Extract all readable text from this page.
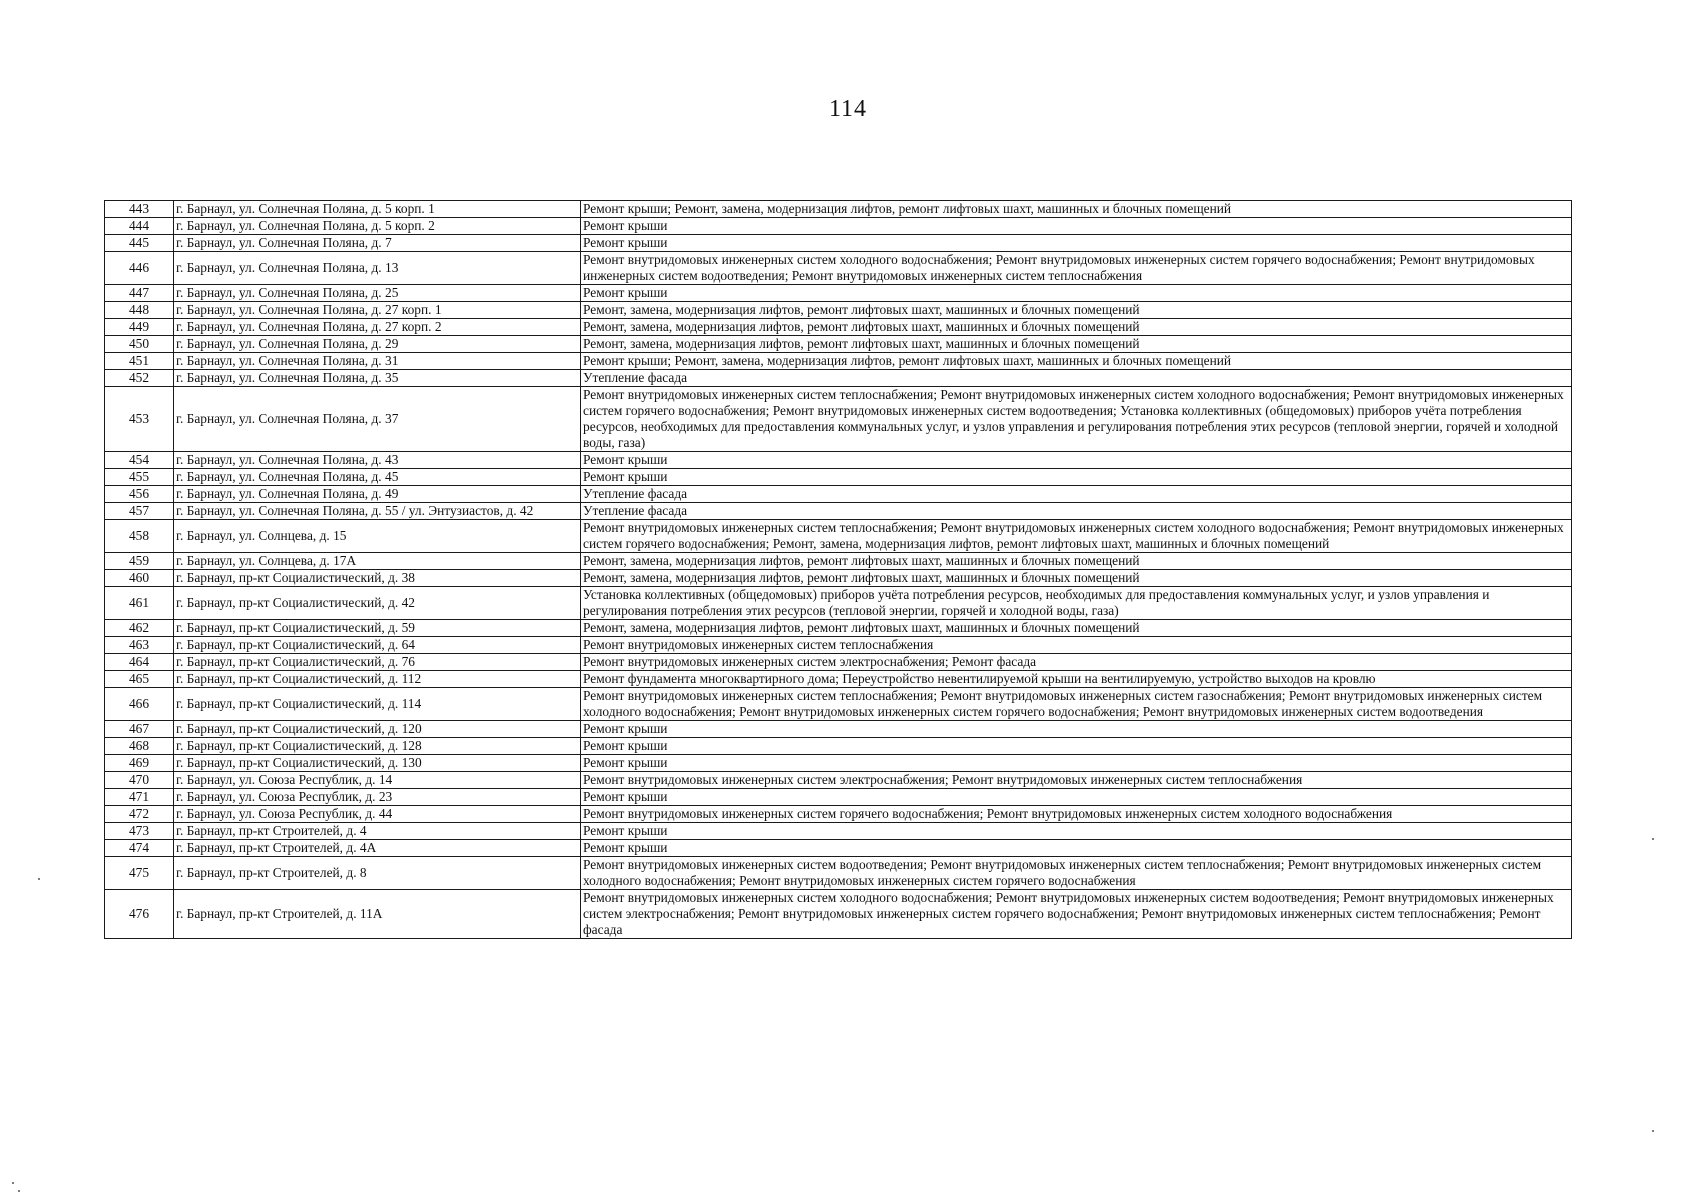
114
443	г. Барнаул, ул. Солнечная Поляна, д. 5 корп. 1	Ремонт крыши; Ремонт, замена, модернизация лифтов, ремонт лифтовых шахт, машинных и блочных помещений
444	г. Барнаул, ул. Солнечная Поляна, д. 5 корп. 2	Ремонт крыши
445	г. Барнаул, ул. Солнечная Поляна, д. 7	Ремонт крыши
446	г. Барнаул, ул. Солнечная Поляна, д. 13	Ремонт внутридомовых инженерных систем холодного водоснабжения; Ремонт внутридомовых инженерных систем горячего водоснабжения; Ремонт внутридомовых инженерных систем водоотведения; Ремонт внутридомовых инженерных систем теплоснабжения
447	г. Барнаул, ул. Солнечная Поляна, д. 25	Ремонт крыши
448	г. Барнаул, ул. Солнечная Поляна, д. 27 корп. 1	Ремонт, замена, модернизация лифтов, ремонт лифтовых шахт, машинных и блочных помещений
449	г. Барнаул, ул. Солнечная Поляна, д. 27 корп. 2	Ремонт, замена, модернизация лифтов, ремонт лифтовых шахт, машинных и блочных помещений
450	г. Барнаул, ул. Солнечная Поляна, д. 29	Ремонт, замена, модернизация лифтов, ремонт лифтовых шахт, машинных и блочных помещений
451	г. Барнаул, ул. Солнечная Поляна, д. 31	Ремонт крыши; Ремонт, замена, модернизация лифтов, ремонт лифтовых шахт, машинных и блочных помещений
452	г. Барнаул, ул. Солнечная Поляна, д. 35	Утепление фасада
453	г. Барнаул, ул. Солнечная Поляна, д. 37	Ремонт внутридомовых инженерных систем теплоснабжения; Ремонт внутридомовых инженерных систем холодного водоснабжения; Ремонт внутридомовых инженерных систем горячего водоснабжения; Ремонт внутридомовых инженерных систем водоотведения; Установка коллективных (общедомовых) приборов учёта потребления ресурсов, необходимых для предоставления коммунальных услуг, и узлов управления и регулирования потребления этих ресурсов (тепловой энергии, горячей и холодной воды, газа)
454	г. Барнаул, ул. Солнечная Поляна, д. 43	Ремонт крыши
455	г. Барнаул, ул. Солнечная Поляна, д. 45	Ремонт крыши
456	г. Барнаул, ул. Солнечная Поляна, д. 49	Утепление фасада
457	г. Барнаул, ул. Солнечная Поляна, д. 55 / ул. Энтузиастов, д. 42	Утепление фасада
458	г. Барнаул, ул. Солнцева, д. 15	Ремонт внутридомовых инженерных систем теплоснабжения; Ремонт внутридомовых инженерных систем холодного водоснабжения; Ремонт внутридомовых инженерных систем горячего водоснабжения; Ремонт, замена, модернизация лифтов, ремонт лифтовых шахт, машинных и блочных помещений
459	г. Барнаул, ул. Солнцева, д. 17А	Ремонт, замена, модернизация лифтов, ремонт лифтовых шахт, машинных и блочных помещений
460	г. Барнаул, пр-кт Социалистический, д. 38	Ремонт, замена, модернизация лифтов, ремонт лифтовых шахт, машинных и блочных помещений
461	г. Барнаул, пр-кт Социалистический, д. 42	Установка коллективных (общедомовых) приборов учёта потребления ресурсов, необходимых для предоставления коммунальных услуг, и узлов управления и регулирования потребления этих ресурсов (тепловой энергии, горячей и холодной воды, газа)
462	г. Барнаул, пр-кт Социалистический, д. 59	Ремонт, замена, модернизация лифтов, ремонт лифтовых шахт, машинных и блочных помещений
463	г. Барнаул, пр-кт Социалистический, д. 64	Ремонт внутридомовых инженерных систем теплоснабжения
464	г. Барнаул, пр-кт Социалистический, д. 76	Ремонт внутридомовых инженерных систем электроснабжения; Ремонт фасада
465	г. Барнаул, пр-кт Социалистический, д. 112	Ремонт фундамента многоквартирного дома; Переустройство невентилируемой крыши на вентилируемую, устройство выходов на кровлю
466	г. Барнаул, пр-кт Социалистический, д. 114	Ремонт внутридомовых инженерных систем теплоснабжения; Ремонт внутридомовых инженерных систем газоснабжения; Ремонт внутридомовых инженерных систем холодного водоснабжения; Ремонт внутридомовых инженерных систем горячего водоснабжения; Ремонт внутридомовых инженерных систем водоотведения
467	г. Барнаул, пр-кт Социалистический, д. 120	Ремонт крыши
468	г. Барнаул, пр-кт Социалистический, д. 128	Ремонт крыши
469	г. Барнаул, пр-кт Социалистический, д. 130	Ремонт крыши
470	г. Барнаул, ул. Союза Республик, д. 14	Ремонт внутридомовых инженерных систем электроснабжения; Ремонт внутридомовых инженерных систем теплоснабжения
471	г. Барнаул, ул. Союза Республик, д. 23	Ремонт крыши
472	г. Барнаул, ул. Союза Республик, д. 44	Ремонт внутридомовых инженерных систем горячего водоснабжения; Ремонт внутридомовых инженерных систем холодного водоснабжения
473	г. Барнаул, пр-кт Строителей, д. 4	Ремонт крыши
474	г. Барнаул, пр-кт Строителей, д. 4А	Ремонт крыши
475	г. Барнаул, пр-кт Строителей, д. 8	Ремонт внутридомовых инженерных систем водоотведения; Ремонт внутридомовых инженерных систем теплоснабжения; Ремонт внутридомовых инженерных систем холодного водоснабжения; Ремонт внутридомовых инженерных систем горячего водоснабжения
476	г. Барнаул, пр-кт Строителей, д. 11А	Ремонт внутридомовых инженерных систем холодного водоснабжения; Ремонт внутридомовых инженерных систем водоотведения; Ремонт внутридомовых инженерных систем электроснабжения; Ремонт внутридомовых инженерных систем горячего водоснабжения; Ремонт внутридомовых инженерных систем теплоснабжения; Ремонт фасада
